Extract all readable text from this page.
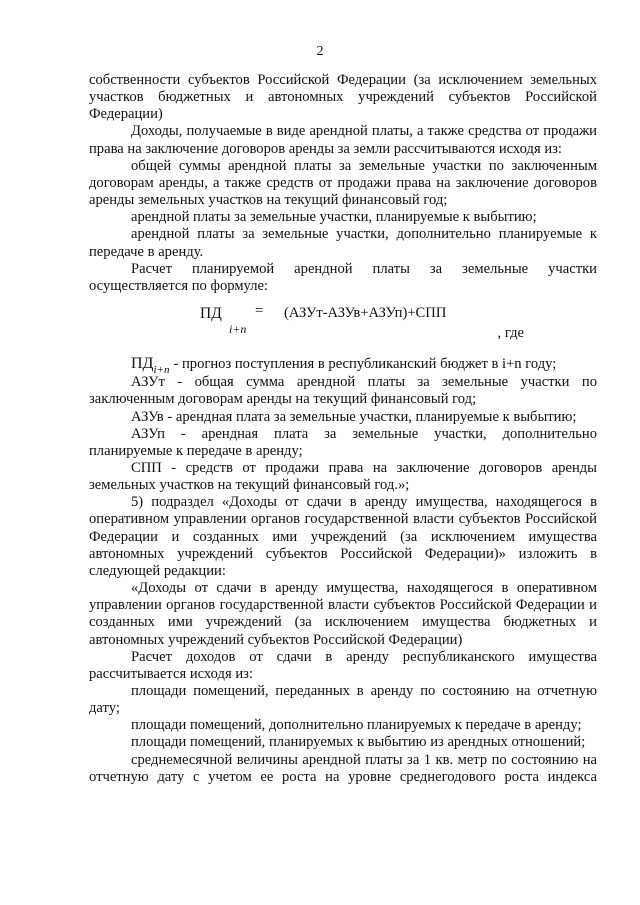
2

собственности субъектов Российской Федерации (за исключением земельных участков бюджетных и автономных учреждений субъектов Российской Федерации)

Доходы, получаемые в виде арендной платы, а также средства от продажи права на заключение договоров аренды за земли рассчитываются исходя из:

общей суммы арендной платы за земельные участки по заключенным договорам аренды, а также средств от продажи права на заключение договоров аренды земельных участков на текущий финансовый год;

арендной платы за земельные участки, планируемые к выбытию;

арендной платы за земельные участки, дополнительно планируемые к передаче в аренду.

Расчет планируемой арендной платы за земельные участки осуществляется по формуле:

ПД
i+n
= (АЗУт-АЗУв+АЗУп)+СПП
, где

$ПД_{i+n}$ - прогноз поступления в республиканский бюджет в i+n году;

АЗУт - общая сумма арендной платы за земельные участки по заключенным договорам аренды на текущий финансовый год;

АЗУв - арендная плата за земельные участки, планируемые к выбытию;

АЗУп - арендная плата за земельные участки, дополнительно планируемые к передаче в аренду;

СПП - средств от продажи права на заключение договоров аренды земельных участков на текущий финансовый год.»;

5) подраздел «Доходы от сдачи в аренду имущества, находящегося в оперативном управлении органов государственной власти субъектов Российской Федерации и созданных ими учреждений (за исключением имущества автономных учреждений субъектов Российской Федерации)» изложить в следующей редакции:

«Доходы от сдачи в аренду имущества, находящегося в оперативном управлении органов государственной власти субъектов Российской Федерации и созданных ими учреждений (за исключением имущества бюджетных и автономных учреждений субъектов Российской Федерации)

Расчет доходов от сдачи в аренду республиканского имущества рассчитывается исходя из:

площади помещений, переданных в аренду по состоянию на отчетную дату;

площади помещений, дополнительно планируемых к передаче в аренду;

площади помещений, планируемых к выбытию из арендных отношений;

среднемесячной величины арендной платы за 1 кв. метр по состоянию на отчетную дату с учетом ее роста на уровне среднегодового роста индекса
